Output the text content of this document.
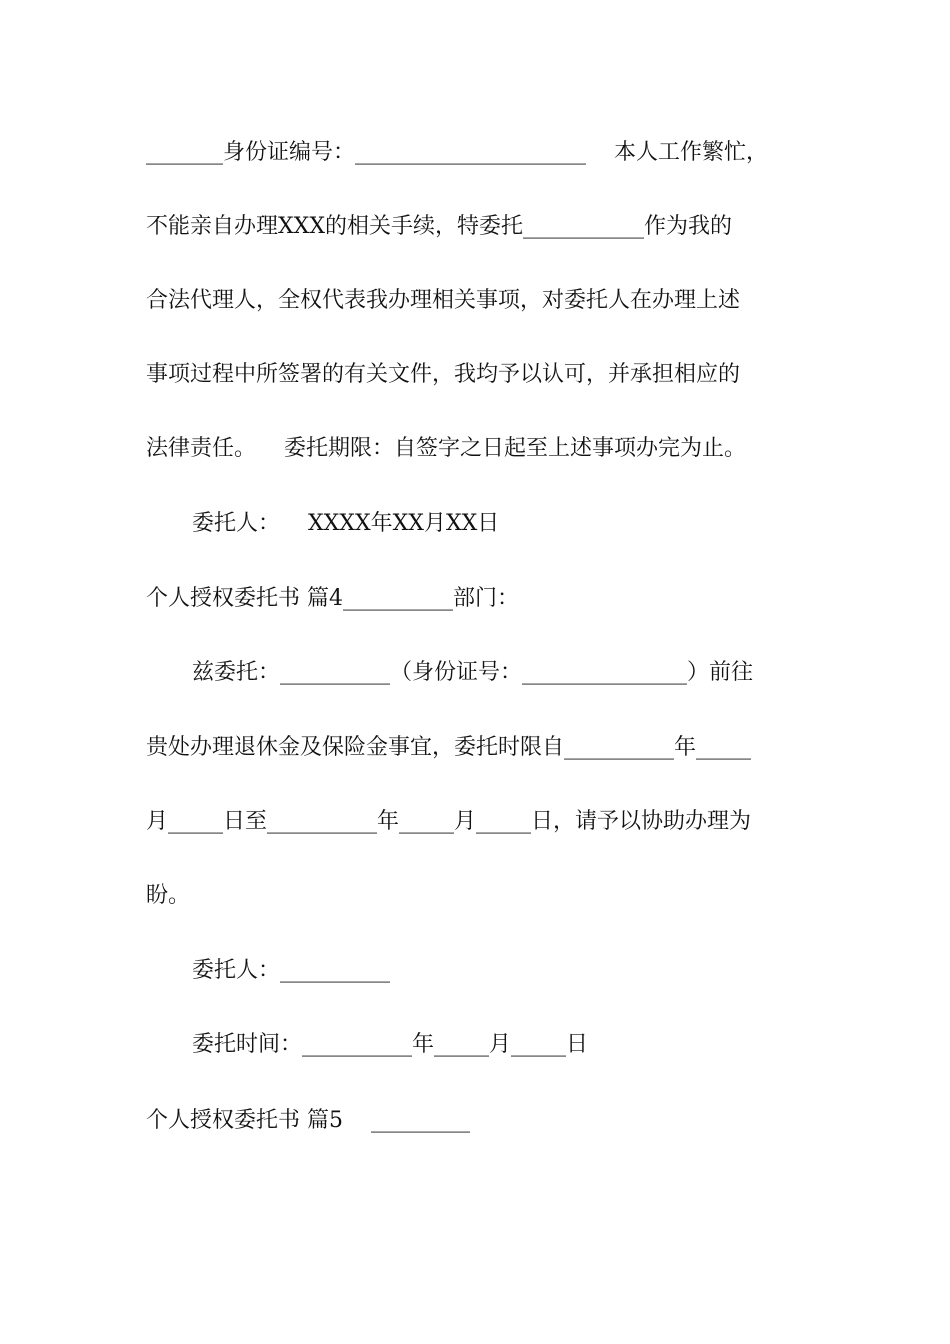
_______身份证编号：_____________________    本人工作繁忙，
不能亲自办理XXX的相关手续，特委托___________作为我的
合法代理人，全权代表我办理相关事项，对委托人在办理上述
事项过程中所签署的有关文件，我均予以认可，并承担相应的
法律责任。    委托期限：自签字之日起至上述事项办完为止。
委托人：    XXXX年XX月XX日
个人授权委托书 篇4__________部门：
兹委托：__________（身份证号：_______________）前往
贵处办理退休金及保险金事宜，委托时限自__________年_____
月_____日至__________年_____月_____日，请予以协助办理为
盼。
委托人：__________
委托时间：__________年_____月_____日
个人授权委托书 篇5    _________
